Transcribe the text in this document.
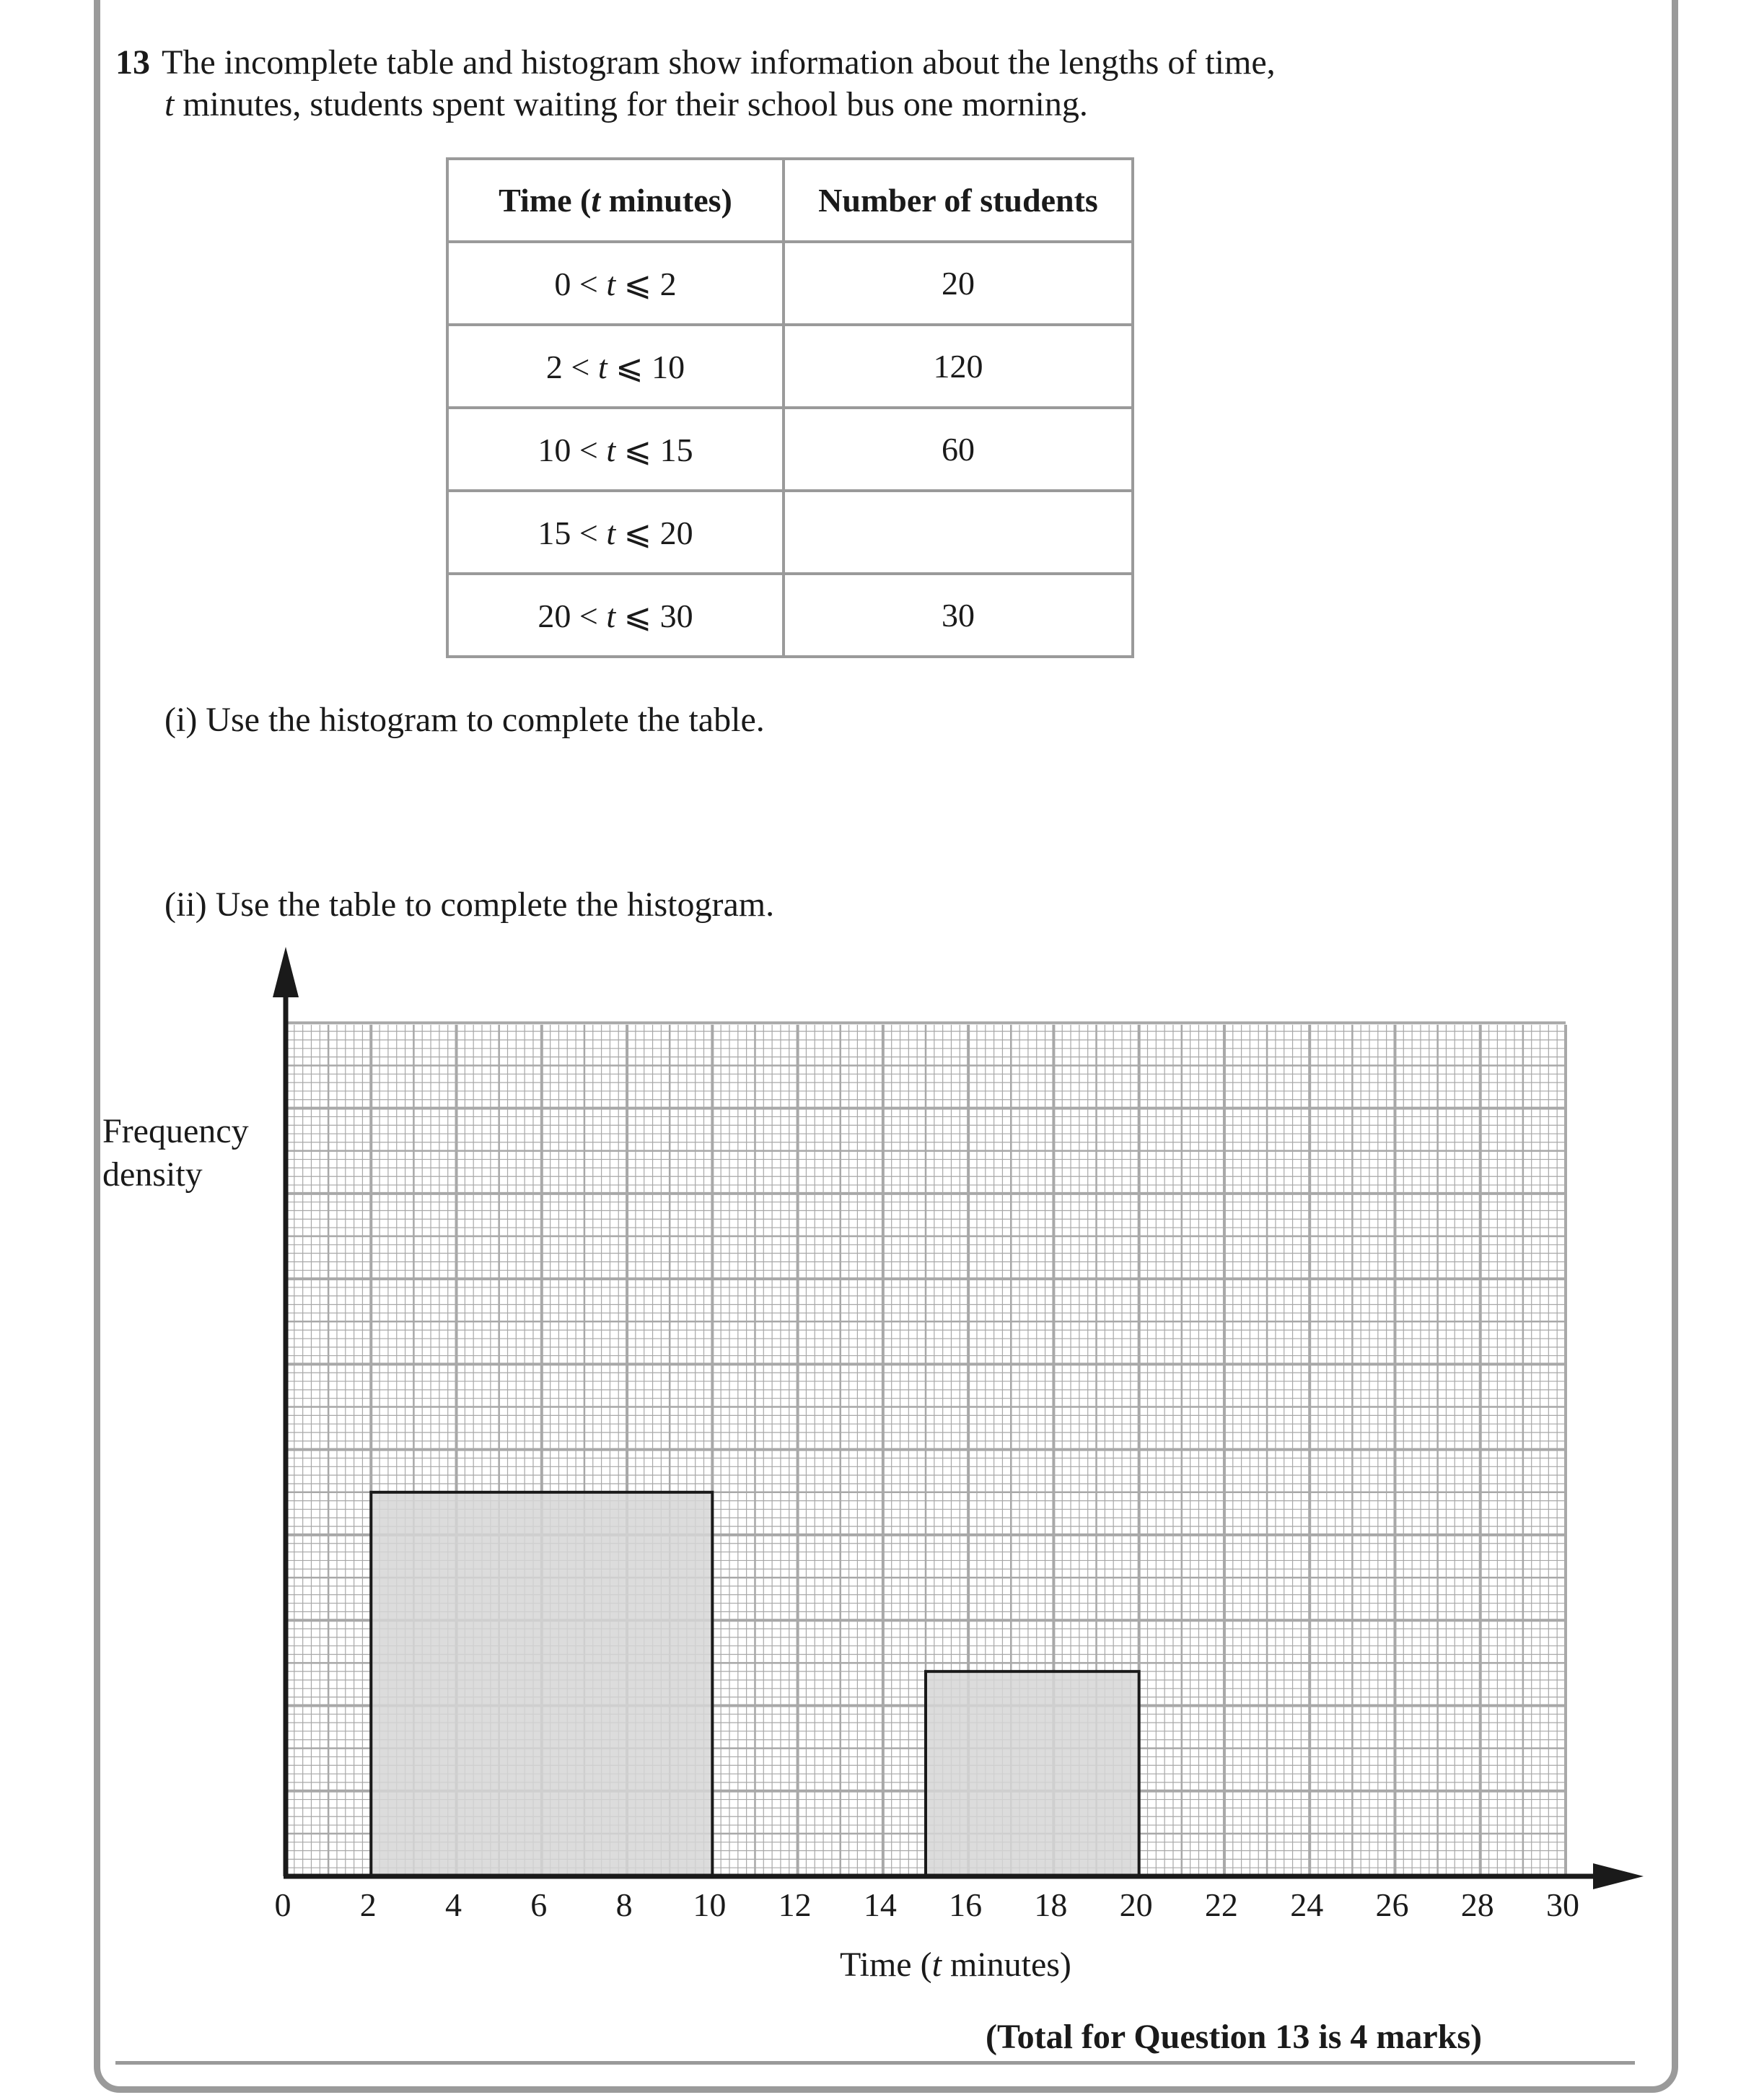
13 The incomplete table and histogram show information about the lengths of time,
t minutes, students spent waiting for their school bus one morning.
Time (t minutes)	Number of students
0 < t ⩽ 2	20
2 < t ⩽ 10	120
10 < t ⩽ 15	60
15 < t ⩽ 20	
20 < t ⩽ 30	30
(i) Use the histogram to complete the table.
(ii) Use the table to complete the histogram.
0 2 4 6 8 10 12 14 16 18 20 22 24 26 28 30
Frequency
density
Time (t minutes)
(Total for Question 13 is 4 marks)
